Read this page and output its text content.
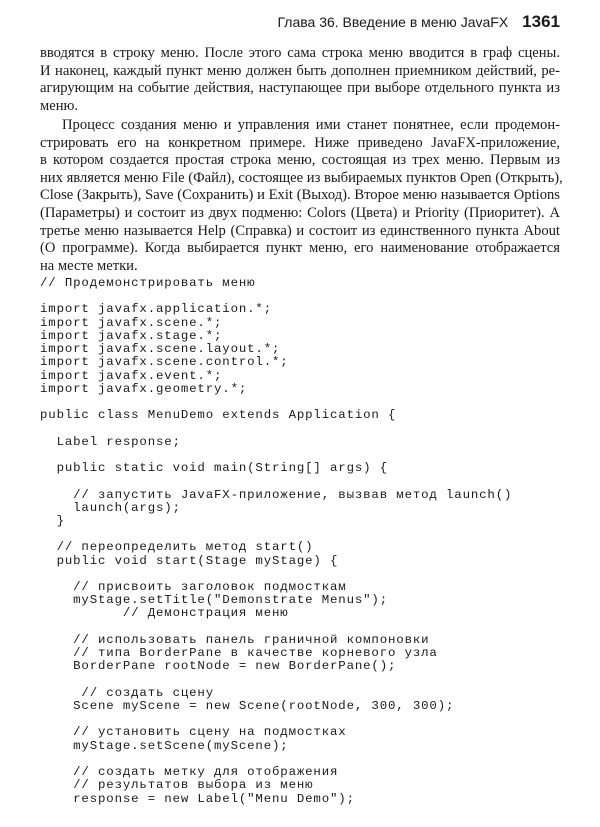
Глава 36. Введение в меню JavaFX 1361
вводятся в строку меню. После этого сама строка меню вводится в граф сцены.
И наконец, каждый пункт меню должен быть дополнен приемником действий, ре-
агирующим на событие действия, наступающее при выборе отдельного пункта из
меню.
Процесс создания меню и управления ими станет понятнее, если продемон-
стрировать его на конкретном примере. Ниже приведено JavaFX-приложение,
в котором создается простая строка меню, состоящая из трех меню. Первым из
них является меню File (Файл), состоящее из выбираемых пунктов Open (Открыть),
Close (Закрыть), Save (Сохранить) и Exit (Выход). Второе меню называется Options
(Параметры) и состоит из двух подменю: Colors (Цвета) и Priority (Приоритет). А
третье меню называется Help (Справка) и состоит из единственного пункта About
(О программе). Когда выбирается пункт меню, его наименование отображается
на месте метки.
// Продемонстрировать меню
import javafx.application.*;
import javafx.scene.*;
import javafx.stage.*;
import javafx.scene.layout.*;
import javafx.scene.control.*;
import javafx.event.*;
import javafx.geometry.*;
public class MenuDemo extends Application {
Label response;
public static void main(String[] args) {
// запустить JavaFX-приложение, вызвав метод launch()
launch(args);
}
// переопределить метод start()
public void start(Stage myStage) {
// присвоить заголовок подмосткам
myStage.setTitle("Demonstrate Menus");
// Демонстрация меню
// использовать панель граничной компоновки
// типа BorderPane в качестве корневого узла
BorderPane rootNode = new BorderPane();
// создать сцену
Scene myScene = new Scene(rootNode, 300, 300);
// установить сцену на подмостках
myStage.setScene(myScene);
// создать метку для отображения
// результатов выбора из меню
response = new Label("Menu Demo");
